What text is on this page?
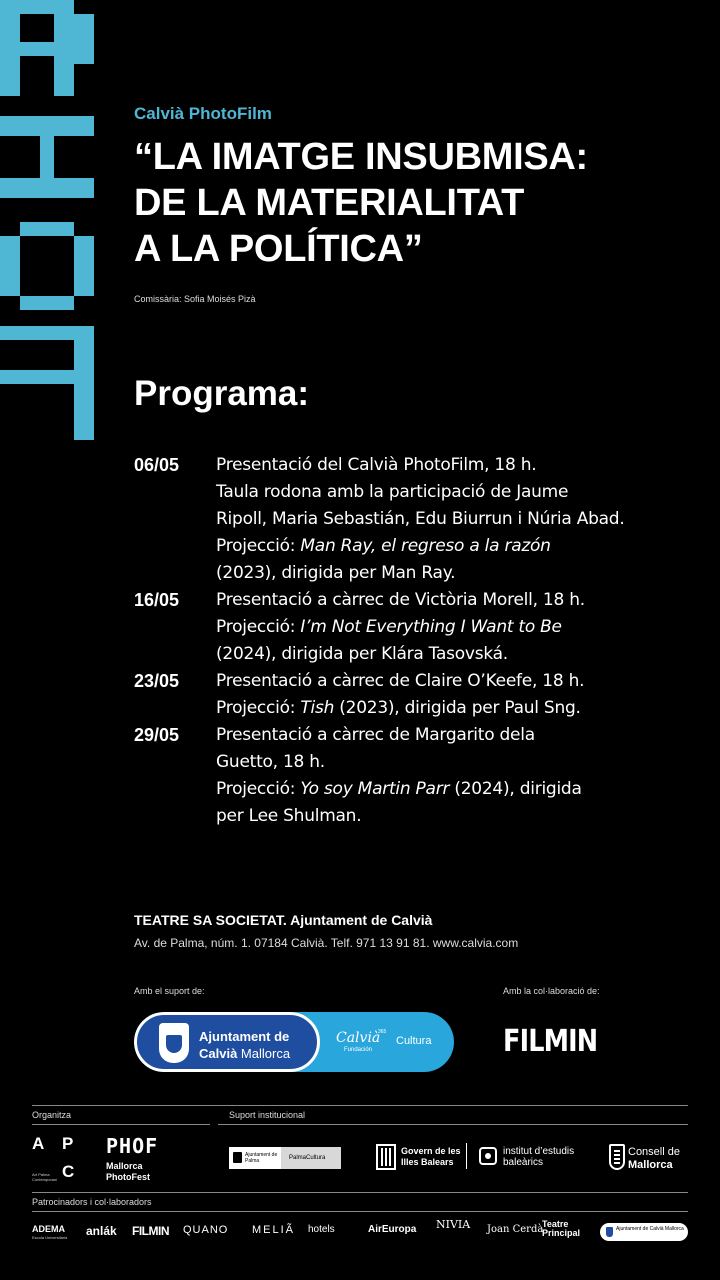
Calvià PhotoFilm
“LA IMATGE INSUBMISA:
DE LA MATERIALITAT
A LA POLÍTICA”
Comissària: Sofia Moisés Pizà
Programa:
06/05	Presentació del Calvià PhotoFilm, 18 h.
Taula rodona amb la participació de Jaume
Ripoll, Maria Sebastián, Edu Biurrun i Núria Abad.
Projecció: Man Ray, el regreso a la razón
(2023), dirigida per Man Ray.
16/05	Presentació a càrrec de Victòria Morell, 18 h.
Projecció: I’m Not Everything I Want to Be
(2024), dirigida per Klára Tasovská.
23/05	Presentació a càrrec de Claire O’Keefe, 18 h.
Projecció: Tish (2023), dirigida per Paul Sng.
29/05	Presentació a càrrec de Margarito dela
Guetto, 18 h.
Projecció: Yo soy Martin Parr (2024), dirigida
per Lee Shulman.
TEATRE SA SOCIETAT. Ajuntament de Calvià
Av. de Palma, núm. 1. 07184 Calvià. Telf. 971 13 91 81. www.calvia.com
Amb el suport de:	Amb la col·laboració de:
Ajuntament de
Calvià Mallorca
Calvià
365
Fundación
Cultura FILMIN
Organitza	Suport institucional
A P
C
Art Palma Contemporani
PHOF
Mallorca
PhotoFest
Ajuntament de Palma	PalmaCultura
Govern de les
Illes Balears
institut d’estudis
baleàrics
Consell de
Mallorca
Patrocinadors i col·laboradors
ADEMA
Escola Universitària anlák FILMIN QUANO MELIÃ hotels	AirEuropa NIVIA Joan Cerdà
Teatre
Principal	Ajuntament de Calvià Mallorca
